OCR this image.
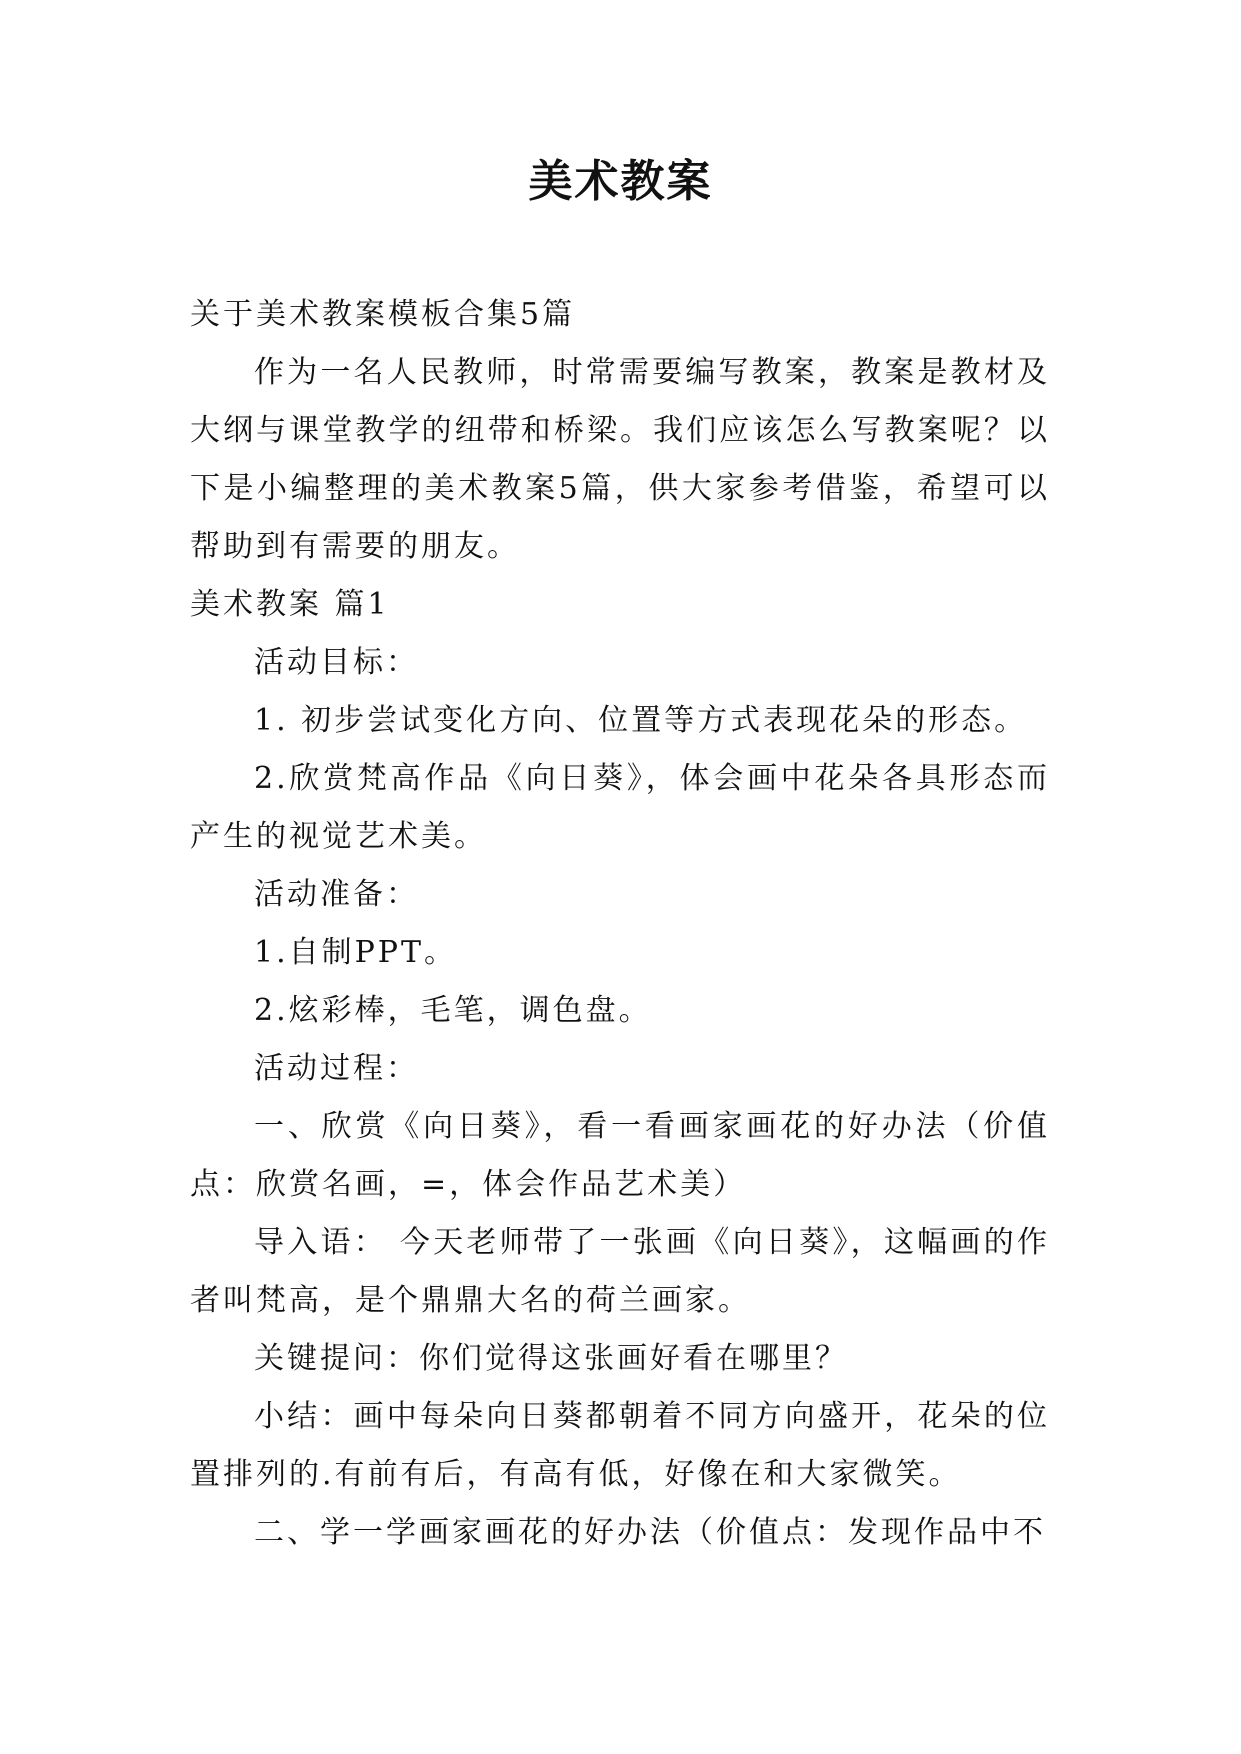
美术教案

关于美术教案模板合集5篇

作为一名人民教师，时常需要编写教案，教案是教材及大纲与课堂教学的纽带和桥梁。我们应该怎么写教案呢？以下是小编整理的美术教案5篇，供大家参考借鉴，希望可以帮助到有需要的朋友。

美术教案 篇1

活动目标：

1. 初步尝试变化方向、位置等方式表现花朵的形态。

2.欣赏梵高作品《向日葵》，体会画中花朵各具形态而产生的视觉艺术美。

活动准备：

1.自制PPT。

2.炫彩棒，毛笔，调色盘。

活动过程：

一、欣赏《向日葵》，看一看画家画花的好办法（价值点：欣赏名画，=，体会作品艺术美）

导入语： 今天老师带了一张画《向日葵》，这幅画的作者叫梵高，是个鼎鼎大名的荷兰画家。

关键提问：你们觉得这张画好看在哪里？

小结：画中每朵向日葵都朝着不同方向盛开，花朵的位置排列的.有前有后，有高有低，好像在和大家微笑。

二、学一学画家画花的好办法（价值点：发现作品中不
